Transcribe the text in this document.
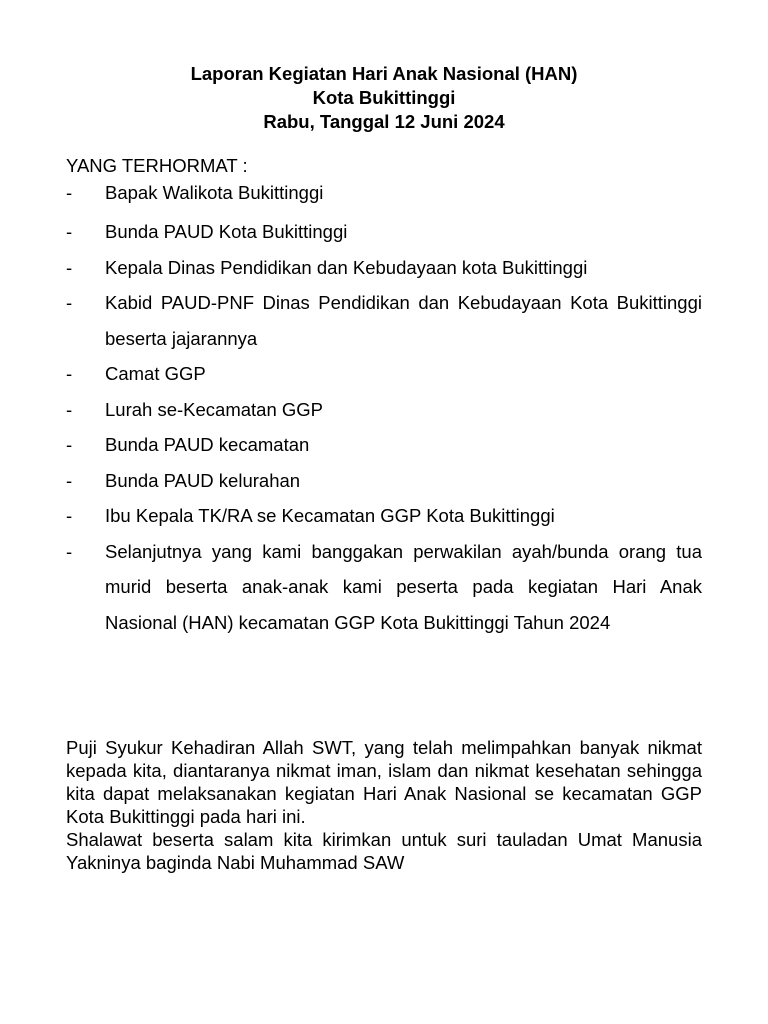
Laporan Kegiatan Hari Anak Nasional (HAN)
Kota Bukittinggi
Rabu, Tanggal 12 Juni 2024
YANG TERHORMAT :
- Bapak Walikota Bukittinggi
- Bunda PAUD Kota Bukittinggi
- Kepala Dinas Pendidikan dan Kebudayaan kota Bukittinggi
- Kabid PAUD-PNF Dinas Pendidikan dan Kebudayaan Kota Bukittinggi beserta jajarannya
- Camat GGP
- Lurah se-Kecamatan GGP
- Bunda PAUD kecamatan
- Bunda PAUD kelurahan
- Ibu Kepala TK/RA se Kecamatan GGP Kota Bukittinggi
- Selanjutnya yang kami banggakan perwakilan ayah/bunda orang tua murid beserta anak-anak kami peserta pada kegiatan Hari Anak Nasional (HAN) kecamatan GGP Kota Bukittinggi Tahun 2024

Puji Syukur Kehadiran Allah SWT, yang telah melimpahkan banyak nikmat kepada kita, diantaranya nikmat iman, islam dan nikmat kesehatan sehingga kita dapat melaksanakan kegiatan Hari Anak Nasional se kecamatan GGP Kota Bukittinggi pada hari ini.

Shalawat beserta salam kita kirimkan untuk suri tauladan Umat Manusia Yakninya baginda Nabi Muhammad SAW
